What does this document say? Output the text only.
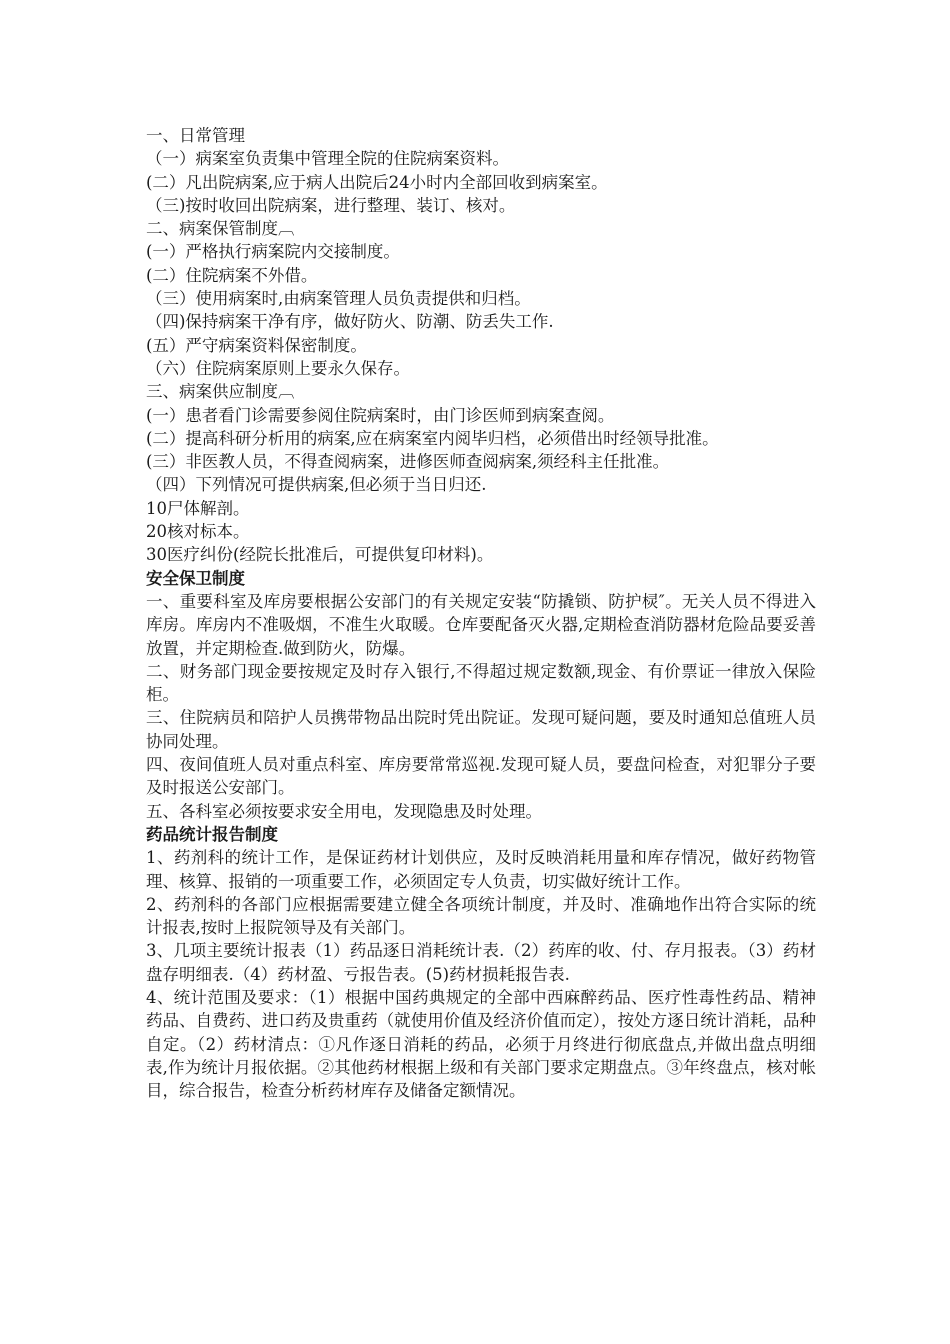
一、日常管理
（一）病案室负责集中管理全院的住院病案资料。
(二）凡出院病案,应于病人出院后24小时内全部回收到病案室。
（三)按时收回出院病案，进行整理、装订、核对。
二、病案保管制度︹
(一）严格执行病案院内交接制度。
(二）住院病案不外借。
（三）使用病案时,由病案管理人员负责提供和归档。
（四)保持病案干净有序，做好防火、防潮、防丢失工作.
(五）严守病案资料保密制度。
（六）住院病案原则上要永久保存。
三、病案供应制度︹
(一）患者看门诊需要参阅住院病案时，由门诊医师到病案查阅。
(二）提高科研分析用的病案,应在病案室内阅毕归档，必须借出时经领导批准。
(三）非医教人员，不得查阅病案，进修医师查阅病案,须经科主任批准。
（四）下列情况可提供病案,但必须于当日归还.
10尸体解剖。
20核对标本。
30医疗纠份(经院长批准后，可提供复印材料)。
安全保卫制度
一、重要科室及库房要根据公安部门的有关规定安装“防撬锁、防护棂″。无关人员不得进入库房。库房内不准吸烟，不准生火取暖。仓库要配备灭火器,定期检查消防器材危险品要妥善放置，并定期检查.做到防火，防爆。
二、财务部门现金要按规定及时存入银行,不得超过规定数额,现金、有价票证一律放入保险柜。
三、住院病员和陪护人员携带物品出院时凭出院证。发现可疑问题，要及时通知总值班人员协同处理。
四、夜间值班人员对重点科室、库房要常常巡视.发现可疑人员，要盘问检查，对犯罪分子要及时报送公安部门。
五、各科室必须按要求安全用电，发现隐患及时处理。
药品统计报告制度
1、药剂科的统计工作，是保证药材计划供应，及时反映消耗用量和库存情况，做好药物管理、核算、报销的一项重要工作，必须固定专人负责，切实做好统计工作。
2、药剂科的各部门应根据需要建立健全各项统计制度，并及时、准确地作出符合实际的统计报表,按时上报院领导及有关部门。
3、几项主要统计报表（1）药品逐日消耗统计表.（2）药库的收、付、存月报表。（3）药材盘存明细表.（4）药材盈、亏报告表。(5)药材损耗报告表.
4、统计范围及要求：（1）根据中国药典规定的全部中西麻醉药品、医疗性毒性药品、精神药品、自费药、进口药及贵重药（就使用价值及经济价值而定），按处方逐日统计消耗，品种自定。（2）药材清点：①凡作逐日消耗的药品，必须于月终进行彻底盘点,并做出盘点明细表,作为统计月报依据。②其他药材根据上级和有关部门要求定期盘点。③年终盘点，核对帐目，综合报告，检查分析药材库存及储备定额情况。
